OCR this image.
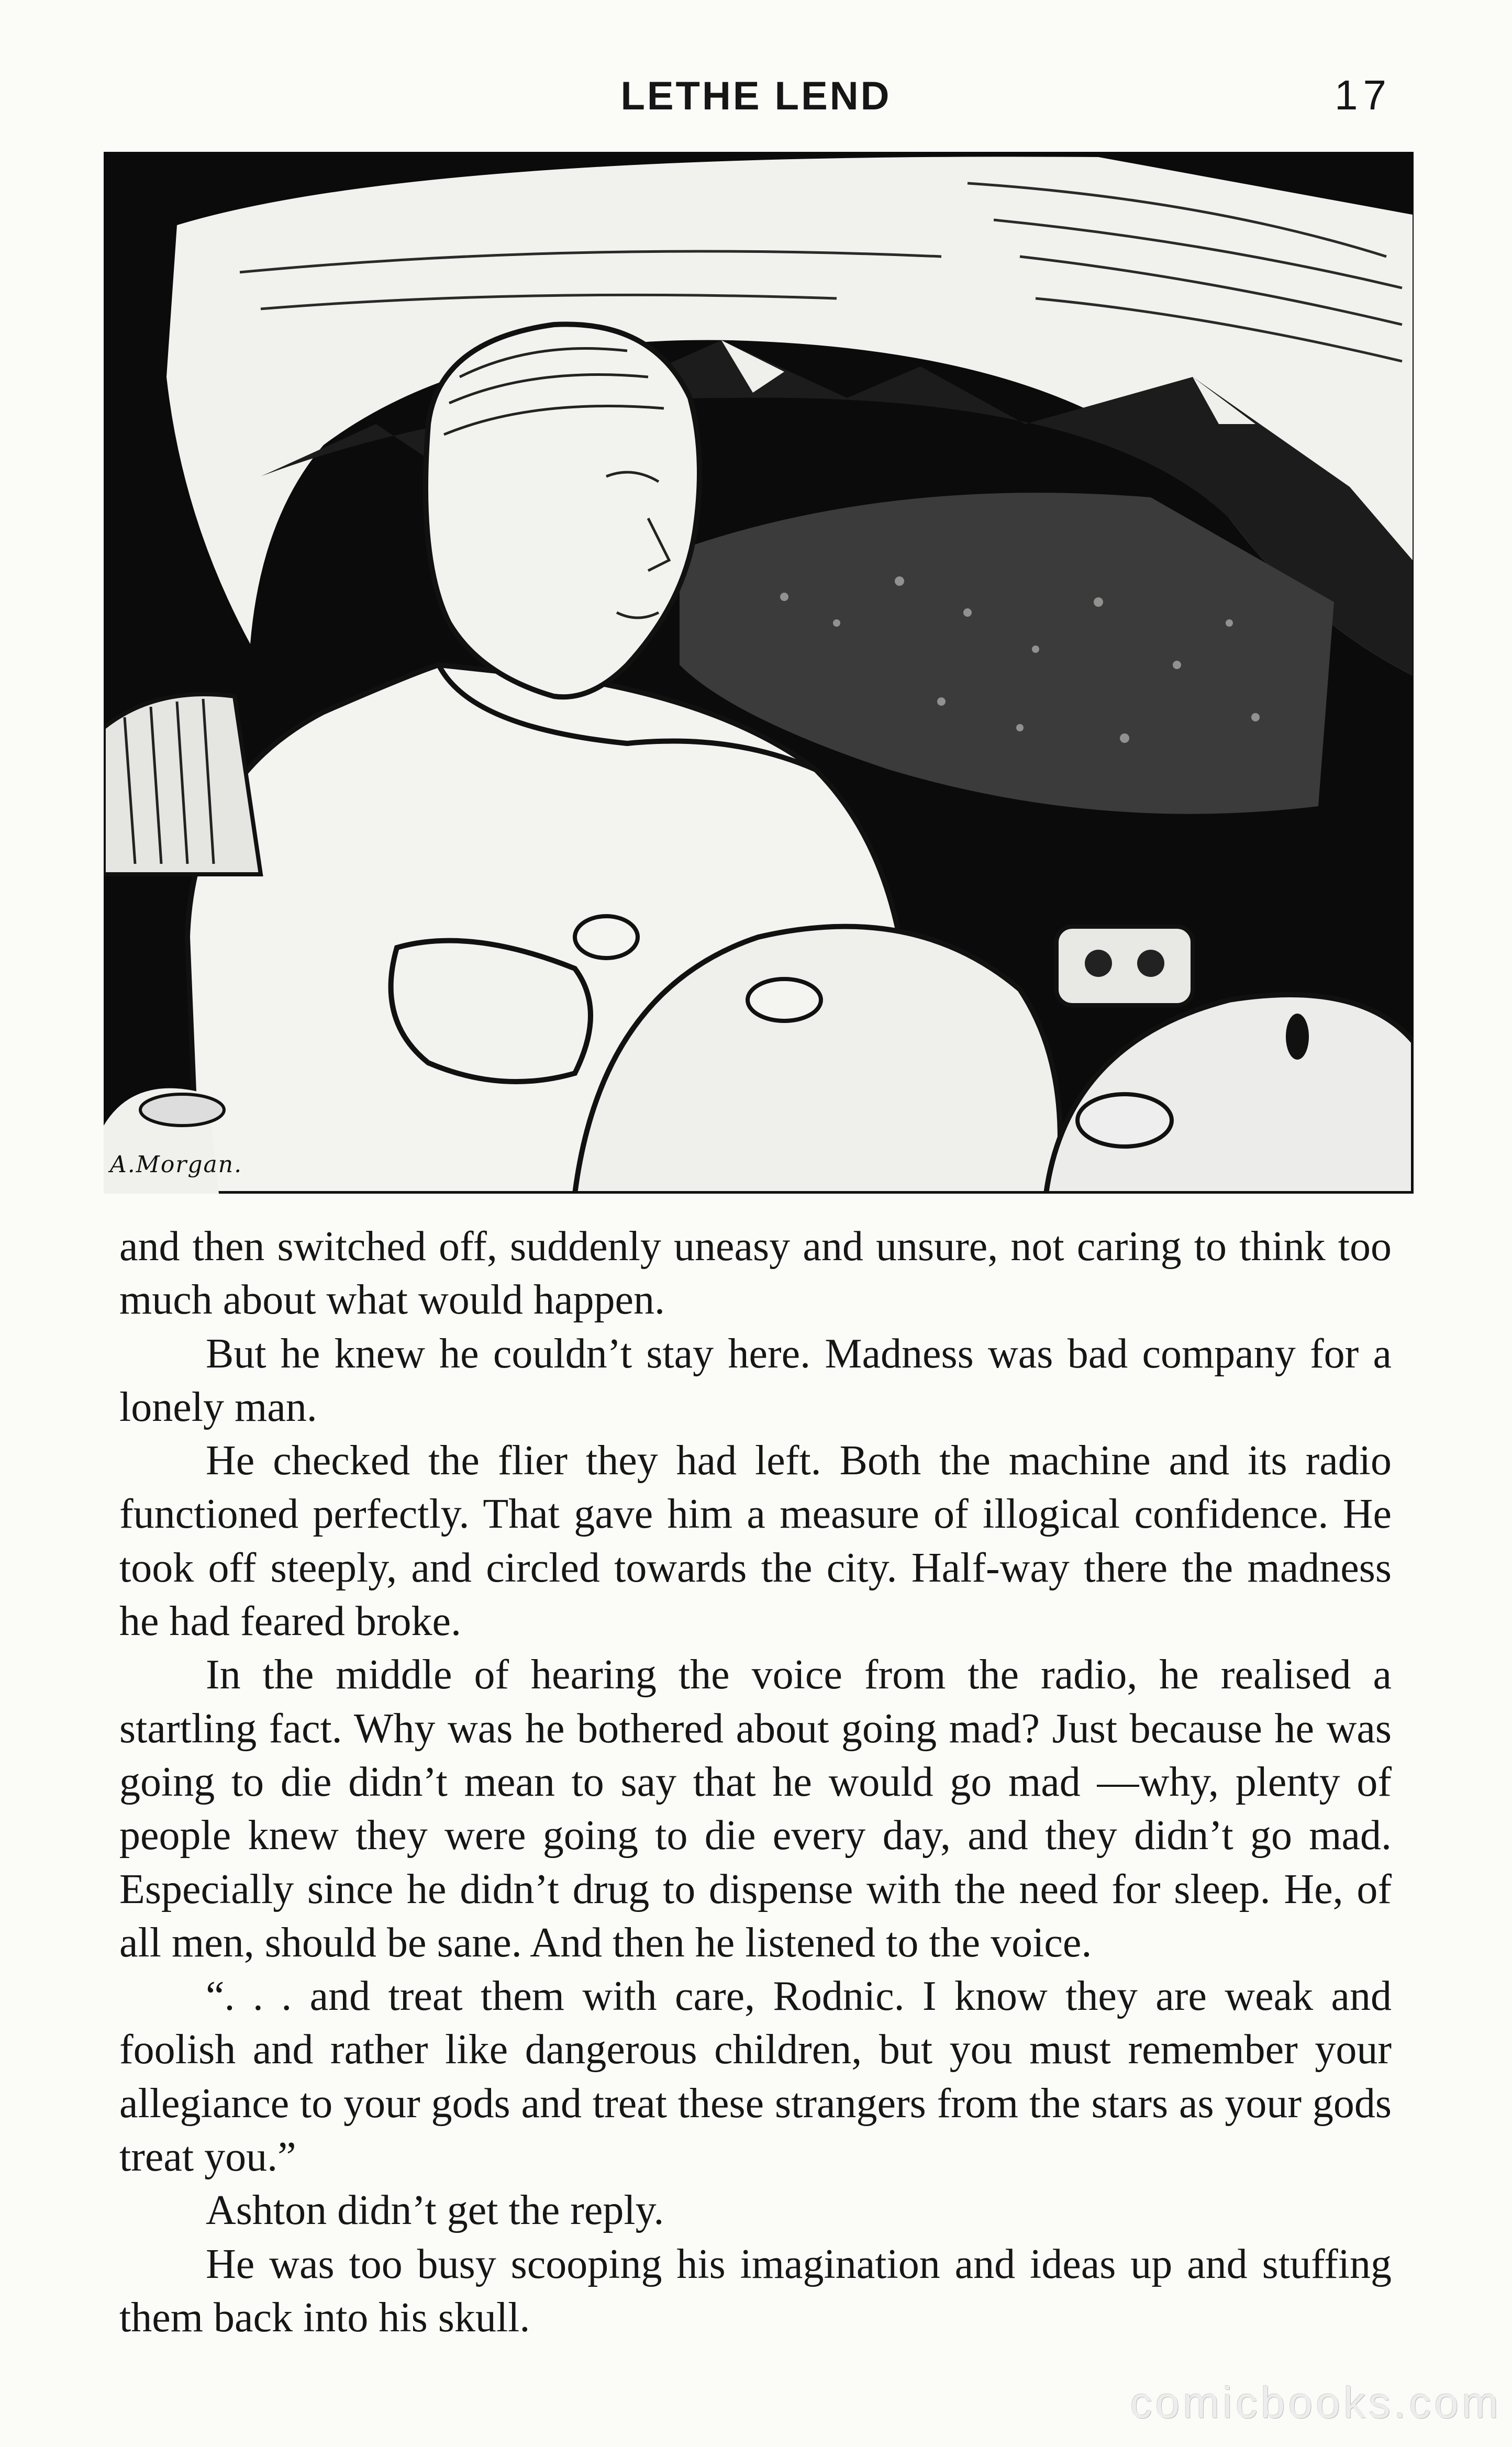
LETHE LEND	17
A.Morgan.

and then switched off, suddenly uneasy and unsure, not caring to think too much about what would happen.

But he knew he couldn’t stay here. Madness was bad company for a lonely man.

He checked the flier they had left. Both the machine and its radio functioned perfectly. That gave him a measure of illogical confidence. He took off steeply, and circled towards the city. Half-way there the madness he had feared broke.

In the middle of hearing the voice from the radio, he realised a startling fact. Why was he bothered about going mad? Just because he was going to die didn’t mean to say that he would go mad —why, plenty of people knew they were going to die every day, and they didn’t go mad. Especially since he didn’t drug to dispense with the need for sleep. He, of all men, should be sane. And then he listened to the voice.

“. . . and treat them with care, Rodnic. I know they are weak and foolish and rather like dangerous children, but you must remember your allegiance to your gods and treat these strangers from the stars as your gods treat you.”

Ashton didn’t get the reply.

He was too busy scooping his imagination and ideas up and stuffing them back into his skull.

comicbooks.com
